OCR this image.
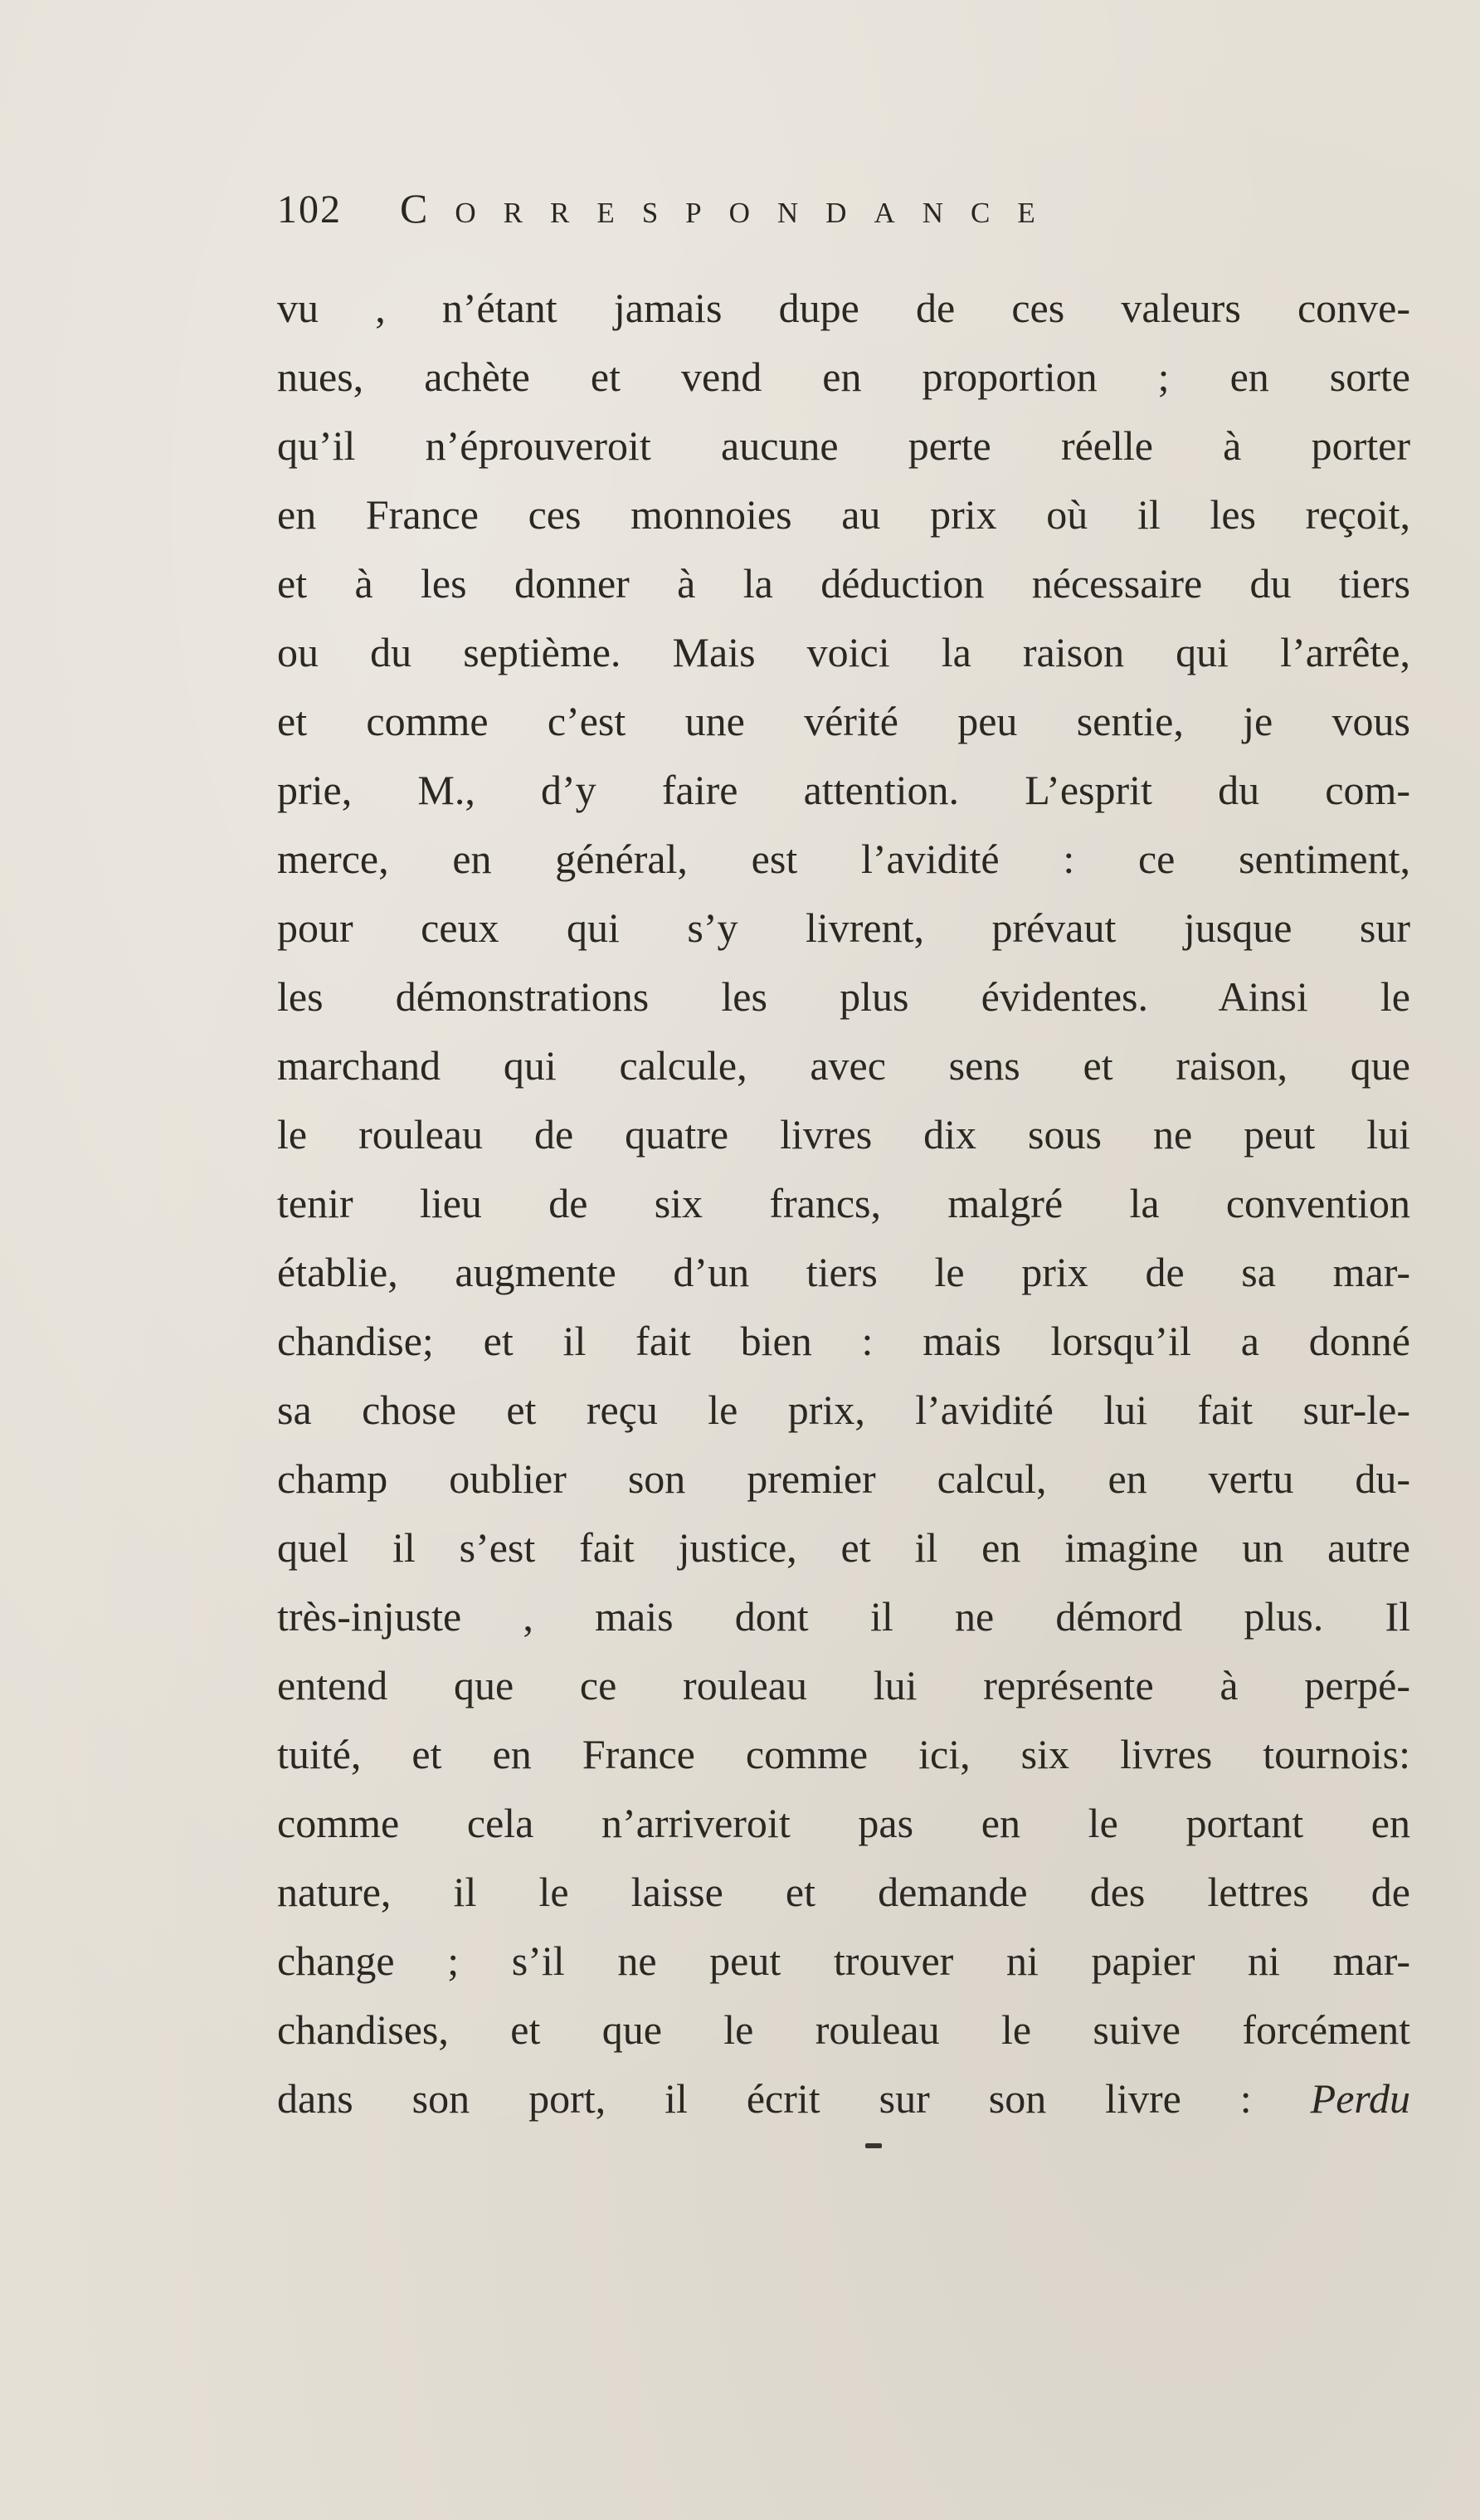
102 Correspondance
vu , n’étant jamais dupe de ces valeurs conve-
nues, achète et vend en proportion ; en sorte
qu’il n’éprouveroit aucune perte réelle à porter
en France ces monnoies au prix où il les reçoit,
et à les donner à la déduction nécessaire du tiers
ou du septième. Mais voici la raison qui l’arrête,
et comme c’est une vérité peu sentie, je vous
prie, M., d’y faire attention. L’esprit du com-
merce, en général, est l’avidité : ce sentiment,
pour ceux qui s’y livrent, prévaut jusque sur
les démonstrations les plus évidentes. Ainsi le
marchand qui calcule, avec sens et raison, que
le rouleau de quatre livres dix sous ne peut lui
tenir lieu de six francs, malgré la convention
établie, augmente d’un tiers le prix de sa mar-
chandise; et il fait bien : mais lorsqu’il a donné
sa chose et reçu le prix, l’avidité lui fait sur-le-
champ oublier son premier calcul, en vertu du-
quel il s’est fait justice, et il en imagine un autre
très-injuste , mais dont il ne démord plus. Il
entend que ce rouleau lui représente à perpé-
tuité, et en France comme ici, six livres tournois:
comme cela n’arriveroit pas en le portant en
nature, il le laisse et demande des lettres de
change ; s’il ne peut trouver ni papier ni mar-
chandises, et que le rouleau le suive forcément
dans son port, il écrit sur son livre : Perdu
